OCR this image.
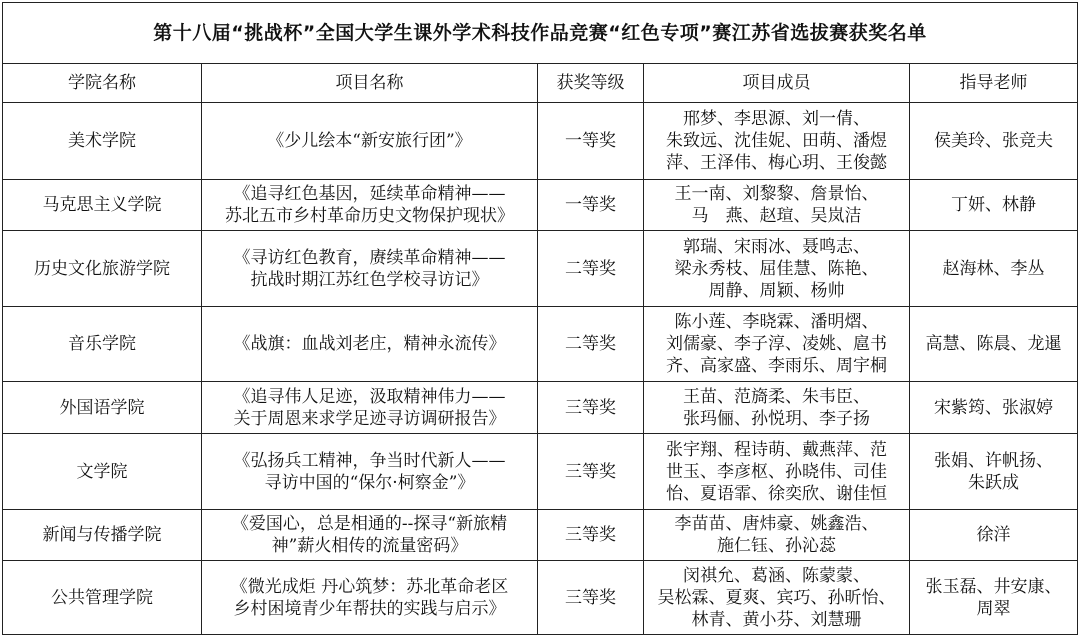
第十八届“挑战杯”全国大学生课外学术科技作品竞赛“红色专项”赛江苏省选拔赛获奖名单				
学院名称	项目名称	获奖等级	项目成员	指导老师
美术学院	《少儿绘本“新安旅行团”》	一等奖	邢梦、李思源、刘一倩、
朱致远、沈佳妮、田萌、潘煜
萍、王泽伟、梅心玥、王俊懿	侯美玲、张竞夫
马克思主义学院	《追寻红色基因，延续革命精神——
苏北五市乡村革命历史文物保护现状》	一等奖	王一南、刘黎黎、詹景怡、
马　燕、赵瑄、吴岚洁	丁妍、林静
历史文化旅游学院	《寻访红色教育，赓续革命精神——
抗战时期江苏红色学校寻访记》	二等奖	郭瑞、宋雨冰、聂鸣志、
梁永秀枝、屈佳慧、陈艳、
周静、周颖、杨帅	赵海林、李丛
音乐学院	《战旗：血战刘老庄，精神永流传》	二等奖	陈小莲、李晓霖、潘明熠、
刘儒豪、李子淳、凌姚、扈书
齐、高家盛、李雨乐、周宇桐	高慧、陈晨、龙暹
外国语学院	《追寻伟人足迹，汲取精神伟力——
关于周恩来求学足迹寻访调研报告》	三等奖	王苗、范旖柔、朱韦臣、
张玛俪、孙悦玥、李子扬	宋紫筠、张淑婷
文学院	《弘扬兵工精神，争当时代新人——
寻访中国的“保尔·柯察金”》	三等奖	张宇翔、程诗萌、戴燕萍、范
世玉、李彦枢、孙晓伟、司佳
怡、夏语霏、徐奕欣、谢佳恒	张娟、许帆扬、
朱跃成
新闻与传播学院	《爱国心，总是相通的--探寻“新旅精
神”薪火相传的流量密码》	三等奖	李苗苗、唐炜豪、姚鑫浩、
施仁钰、孙沁蕊	徐洋
公共管理学院	《微光成炬 丹心筑梦：苏北革命老区
乡村困境青少年帮扶的实践与启示》	三等奖	闵祺允、葛涵、陈蒙蒙、
吴松霖、夏爽、宾巧、孙昕怡、
林青、黄小芬、刘慧珊	张玉磊、井安康、
周翠
